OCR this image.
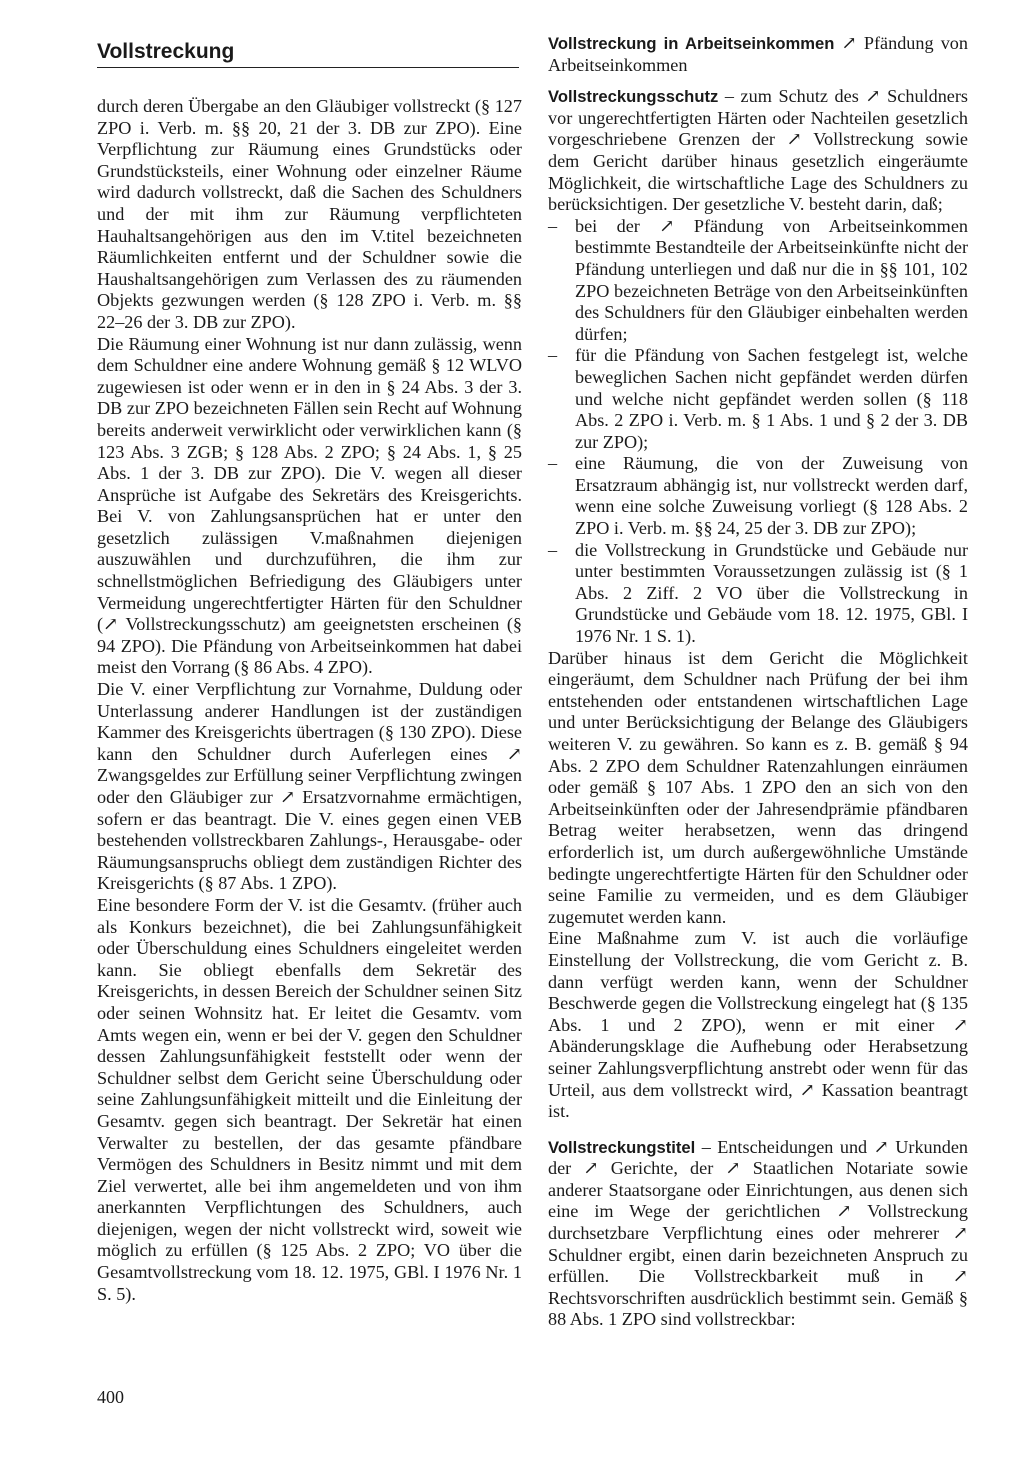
Vollstreckung

durch deren Übergabe an den Gläubiger vollstreckt (§ 127 ZPO i. Verb. m. §§ 20, 21 der 3. DB zur ZPO). Eine Verpflichtung zur Räumung eines Grundstücks oder Grundstücksteils, einer Wohnung oder einzelner Räume wird dadurch vollstreckt, daß die Sachen des Schuldners und der mit ihm zur Räumung verpflichteten Hauhaltsangehörigen aus den im V.titel bezeichneten Räumlichkeiten entfernt und der Schuldner sowie die Haushaltsangehörigen zum Verlassen des zu räumenden Objekts gezwungen werden (§ 128 ZPO i. Verb. m. §§ 22–26 der 3. DB zur ZPO).

Die Räumung einer Wohnung ist nur dann zulässig, wenn dem Schuldner eine andere Wohnung gemäß § 12 WLVO zugewiesen ist oder wenn er in den in § 24 Abs. 3 der 3. DB zur ZPO bezeichneten Fällen sein Recht auf Wohnung bereits anderweit verwirklicht oder verwirklichen kann (§ 123 Abs. 3 ZGB; § 128 Abs. 2 ZPO; § 24 Abs. 1, § 25 Abs. 1 der 3. DB zur ZPO). Die V. wegen all dieser Ansprüche ist Aufgabe des Sekretärs des Kreisgerichts. Bei V. von Zahlungsansprüchen hat er unter den gesetzlich zulässigen V.maßnahmen diejenigen auszuwählen und durchzuführen, die ihm zur schnellstmöglichen Befriedigung des Gläubigers unter Vermeidung ungerechtfertigter Härten für den Schuldner (↗ Vollstreckungsschutz) am geeignetsten erscheinen (§ 94 ZPO). Die Pfändung von Arbeitseinkommen hat dabei meist den Vorrang (§ 86 Abs. 4 ZPO).

Die V. einer Verpflichtung zur Vornahme, Duldung oder Unterlassung anderer Handlungen ist der zuständigen Kammer des Kreisgerichts übertragen (§ 130 ZPO). Diese kann den Schuldner durch Auferlegen eines ↗ Zwangsgeldes zur Erfüllung seiner Verpflichtung zwingen oder den Gläubiger zur ↗ Ersatzvornahme ermächtigen, sofern er das beantragt. Die V. eines gegen einen VEB bestehenden vollstreckbaren Zahlungs-, Herausgabe- oder Räumungsanspruchs obliegt dem zuständigen Richter des Kreisgerichts (§ 87 Abs. 1 ZPO).

Eine besondere Form der V. ist die Gesamtv. (früher auch als Konkurs bezeichnet), die bei Zahlungsunfähigkeit oder Überschuldung eines Schuldners eingeleitet werden kann. Sie obliegt ebenfalls dem Sekretär des Kreisgerichts, in dessen Bereich der Schuldner seinen Sitz oder seinen Wohnsitz hat. Er leitet die Gesamtv. vom Amts wegen ein, wenn er bei der V. gegen den Schuldner dessen Zahlungsunfähigkeit feststellt oder wenn der Schuldner selbst dem Gericht seine Überschuldung oder seine Zahlungsunfähigkeit mitteilt und die Einleitung der Gesamtv. gegen sich beantragt. Der Sekretär hat einen Verwalter zu bestellen, der das gesamte pfändbare Vermögen des Schuldners in Besitz nimmt und mit dem Ziel verwertet, alle bei ihm angemeldeten und von ihm anerkannten Verpflichtungen des Schuldners, auch diejenigen, wegen der nicht vollstreckt wird, soweit wie möglich zu erfüllen (§ 125 Abs. 2 ZPO; VO über die Gesamtvollstreckung vom 18. 12. 1975, GBl. I 1976 Nr. 1 S. 5).

Vollstreckung in Arbeitseinkommen ↗ Pfändung von Arbeitseinkommen

Vollstreckungsschutz – zum Schutz des ↗ Schuldners vor ungerechtfertigten Härten oder Nachteilen gesetzlich vorgeschriebene Grenzen der ↗ Vollstreckung sowie dem Gericht darüber hinaus gesetzlich eingeräumte Möglichkeit, die wirtschaftliche Lage des Schuldners zu berücksichtigen. Der gesetzliche V. besteht darin, daß;

– bei der ↗ Pfändung von Arbeitseinkommen bestimmte Bestandteile der Arbeitseinkünfte nicht der Pfändung unterliegen und daß nur die in §§ 101, 102 ZPO bezeichneten Beträge von den Arbeitseinkünften des Schuldners für den Gläubiger einbehalten werden dürfen;
– für die Pfändung von Sachen festgelegt ist, welche beweglichen Sachen nicht gepfändet werden dürfen und welche nicht gepfändet werden sollen (§ 118 Abs. 2 ZPO i. Verb. m. § 1 Abs. 1 und § 2 der 3. DB zur ZPO);
– eine Räumung, die von der Zuweisung von Ersatzraum abhängig ist, nur vollstreckt werden darf, wenn eine solche Zuweisung vorliegt (§ 128 Abs. 2 ZPO i. Verb. m. §§ 24, 25 der 3. DB zur ZPO);
– die Vollstreckung in Grundstücke und Gebäude nur unter bestimmten Voraussetzungen zulässig ist (§ 1 Abs. 2 Ziff. 2 VO über die Vollstreckung in Grundstücke und Gebäude vom 18. 12. 1975, GBl. I 1976 Nr. 1 S. 1).

Darüber hinaus ist dem Gericht die Möglichkeit eingeräumt, dem Schuldner nach Prüfung der bei ihm entstehenden oder entstandenen wirtschaftlichen Lage und unter Berücksichtigung der Belange des Gläubigers weiteren V. zu gewähren. So kann es z. B. gemäß § 94 Abs. 2 ZPO dem Schuldner Ratenzahlungen einräumen oder gemäß § 107 Abs. 1 ZPO den an sich von den Arbeitseinkünften oder der Jahresendprämie pfändbaren Betrag weiter herabsetzen, wenn das dringend erforderlich ist, um durch außergewöhnliche Umstände bedingte ungerechtfertigte Härten für den Schuldner oder seine Familie zu vermeiden, und es dem Gläubiger zugemutet werden kann.

Eine Maßnahme zum V. ist auch die vorläufige Einstellung der Vollstreckung, die vom Gericht z. B. dann verfügt werden kann, wenn der Schuldner Beschwerde gegen die Vollstreckung eingelegt hat (§ 135 Abs. 1 und 2 ZPO), wenn er mit einer ↗ Abänderungsklage die Aufhebung oder Herabsetzung seiner Zahlungsverpflichtung anstrebt oder wenn für das Urteil, aus dem vollstreckt wird, ↗ Kassation beantragt ist.

Vollstreckungstitel – Entscheidungen und ↗ Urkunden der ↗ Gerichte, der ↗ Staatlichen Notariate sowie anderer Staatsorgane oder Einrichtungen, aus denen sich eine im Wege der gerichtlichen ↗ Vollstreckung durchsetzbare Verpflichtung eines oder mehrerer ↗ Schuldner ergibt, einen darin bezeichneten Anspruch zu erfüllen. Die Vollstreckbarkeit muß in ↗ Rechtsvorschriften ausdrücklich bestimmt sein. Gemäß § 88 Abs. 1 ZPO sind vollstreckbar:

400
